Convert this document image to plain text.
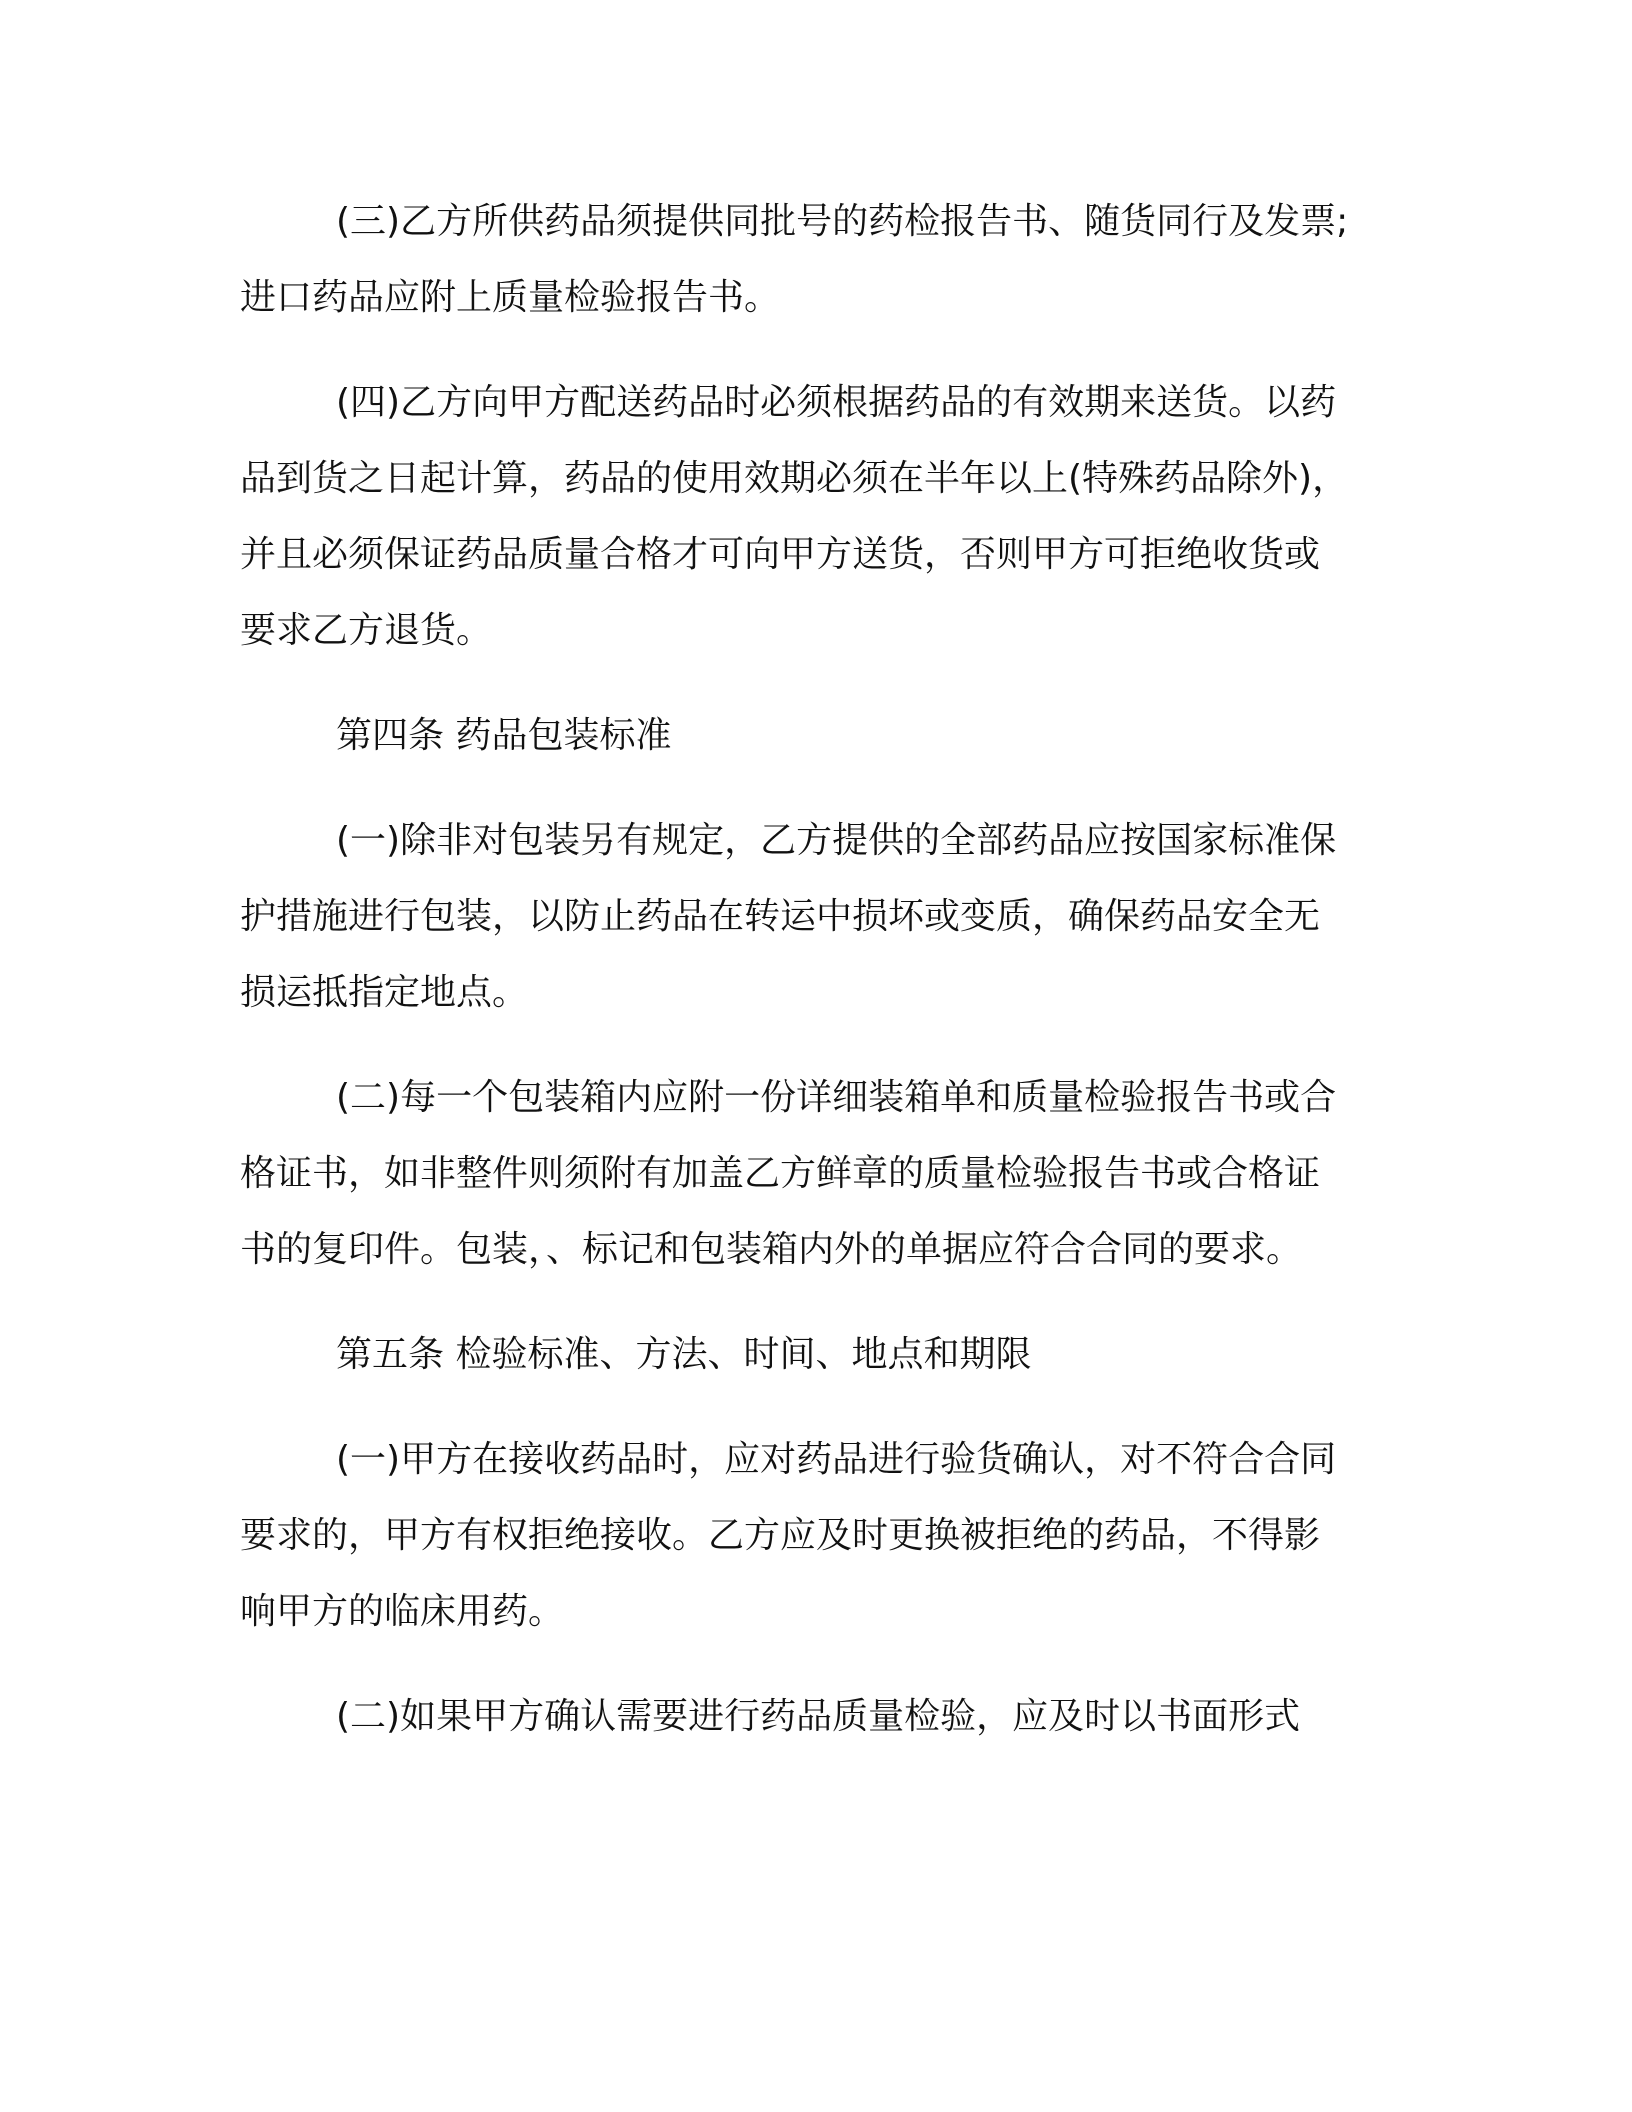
(三)乙方所供药品须提供同批号的药检报告书、随货同行及发票;
进口药品应附上质量检验报告书。
(四)乙方向甲方配送药品时必须根据药品的有效期来送货。以药
品到货之日起计算，药品的使用效期必须在半年以上(特殊药品除外)，
并且必须保证药品质量合格才可向甲方送货，否则甲方可拒绝收货或
要求乙方退货。
第四条 药品包装标准
(一)除非对包装另有规定，乙方提供的全部药品应按国家标准保
护措施进行包装，以防止药品在转运中损坏或变质，确保药品安全无
损运抵指定地点。
(二)每一个包装箱内应附一份详细装箱单和质量检验报告书或合
格证书，如非整件则须附有加盖乙方鲜章的质量检验报告书或合格证
书的复印件。包装，、标记和包装箱内外的单据应符合合同的要求。
第五条 检验标准、方法、时间、地点和期限
(一)甲方在接收药品时，应对药品进行验货确认，对不符合合同
要求的，甲方有权拒绝接收。乙方应及时更换被拒绝的药品，不得影
响甲方的临床用药。
(二)如果甲方确认需要进行药品质量检验，应及时以书面形式
